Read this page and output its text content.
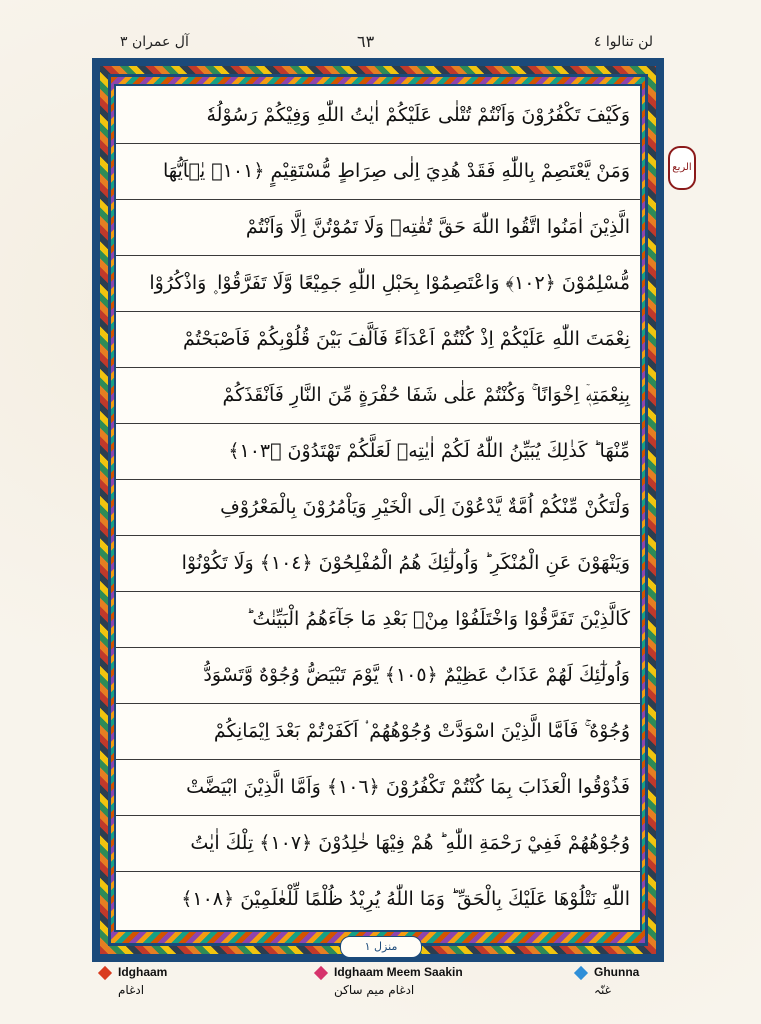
آل عمران ٣	٦٣	لن تنالوا ٤
وَكَيْفَ تَكْفُرُوْنَ وَاَنْتُمْ تُتْلٰى عَلَيْكُمْ اٰيٰتُ اللّٰهِ وَفِيْكُمْ رَسُوْلُهٗ
وَمَنْ يَّعْتَصِمْ بِاللّٰهِ فَقَدْ هُدِيَ اِلٰى صِرَاطٍ مُّسْتَقِيْمٍ ﴿١٠١﴾ يٰۤاَيُّهَا
الَّذِيْنَ اٰمَنُوا اتَّقُوا اللّٰهَ حَقَّ تُقٰتِهٖ وَلَا تَمُوْتُنَّ اِلَّا وَاَنْتُمْ
مُّسْلِمُوْنَ ﴿١٠٢﴾ وَاعْتَصِمُوْا بِحَبْلِ اللّٰهِ جَمِيْعًا وَّلَا تَفَرَّقُوْا ۪ وَاذْكُرُوْا
نِعْمَتَ اللّٰهِ عَلَيْكُمْ اِذْ كُنْتُمْ اَعْدَآءً فَاَلَّفَ بَيْنَ قُلُوْبِكُمْ فَاَصْبَحْتُمْ
بِنِعْمَتِهٖۤ اِخْوَانًا ۚ وَكُنْتُمْ عَلٰى شَفَا حُفْرَةٍ مِّنَ النَّارِ فَاَنْقَذَكُمْ
مِّنْهَا ؕ كَذٰلِكَ يُبَيِّنُ اللّٰهُ لَكُمْ اٰيٰتِهٖ لَعَلَّكُمْ تَهْتَدُوْنَ ﴿١٠٣﴾
وَلْتَكُنْ مِّنْكُمْ اُمَّةٌ يَّدْعُوْنَ اِلَى الْخَيْرِ وَيَاْمُرُوْنَ بِالْمَعْرُوْفِ
وَيَنْهَوْنَ عَنِ الْمُنْكَرِ ؕ وَاُولٰٓئِكَ هُمُ الْمُفْلِحُوْنَ ﴿١٠٤﴾ وَلَا تَكُوْنُوْا
كَالَّذِيْنَ تَفَرَّقُوْا وَاخْتَلَفُوْا مِنْۢ بَعْدِ مَا جَآءَهُمُ الْبَيِّنٰتُ ؕ
وَاُولٰٓئِكَ لَهُمْ عَذَابٌ عَظِيْمٌ ﴿١٠٥﴾ يَّوْمَ تَبْيَضُّ وُجُوْهٌ وَّتَسْوَدُّ
وُجُوْهٌ ۚ فَاَمَّا الَّذِيْنَ اسْوَدَّتْ وُجُوْهُهُمْ ۟ اَكَفَرْتُمْ بَعْدَ اِيْمَانِكُمْ
فَذُوْقُوا الْعَذَابَ بِمَا كُنْتُمْ تَكْفُرُوْنَ ﴿١٠٦﴾ وَاَمَّا الَّذِيْنَ ابْيَضَّتْ
وُجُوْهُهُمْ فَفِيْ رَحْمَةِ اللّٰهِ ؕ هُمْ فِيْهَا خٰلِدُوْنَ ﴿١٠٧﴾ تِلْكَ اٰيٰتُ
اللّٰهِ نَتْلُوْهَا عَلَيْكَ بِالْحَقِّ ؕ وَمَا اللّٰهُ يُرِيْدُ ظُلْمًا لِّلْعٰلَمِيْنَ ﴿١٠٨﴾
الربع
منزل ١
Idghaam
ادغام
Idghaam Meem Saakin
ادغام میم ساکن
Ghunna
غنّہ
